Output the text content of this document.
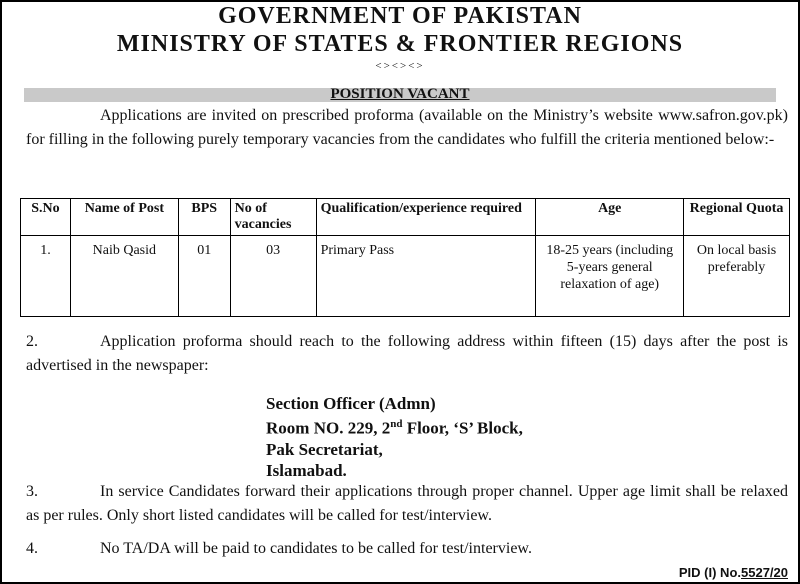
GOVERNMENT OF PAKISTAN
MINISTRY OF STATES & FRONTIER REGIONS
<><><>
POSITION VACANT

Applications are invited on prescribed proforma (available on the Ministry’s website www.safron.gov.pk) for filling in the following purely temporary vacancies from the candidates who fulfill the criteria mentioned below:-

S.No	Name of Post	BPS	No of vacancies	Qualification/experience required	Age	Regional Quota
1.	Naib Qasid	01	03	Primary Pass	18-25 years (including 5-years general relaxation of age)	On local basis preferably
2.	Application proforma should reach to the following address within fifteen (15) days after the post is advertised in the newspaper:
Section Officer (Admn)
Room NO. 229, 2nd Floor, ‘S’ Block,
Pak Secretariat,
Islamabad.
3.	In service Candidates forward their applications through proper channel. Upper age limit shall be relaxed as per rules. Only short listed candidates will be called for test/interview.
4.	No TA/DA will be paid to candidates to be called for test/interview.
PID (I) No.5527/20
